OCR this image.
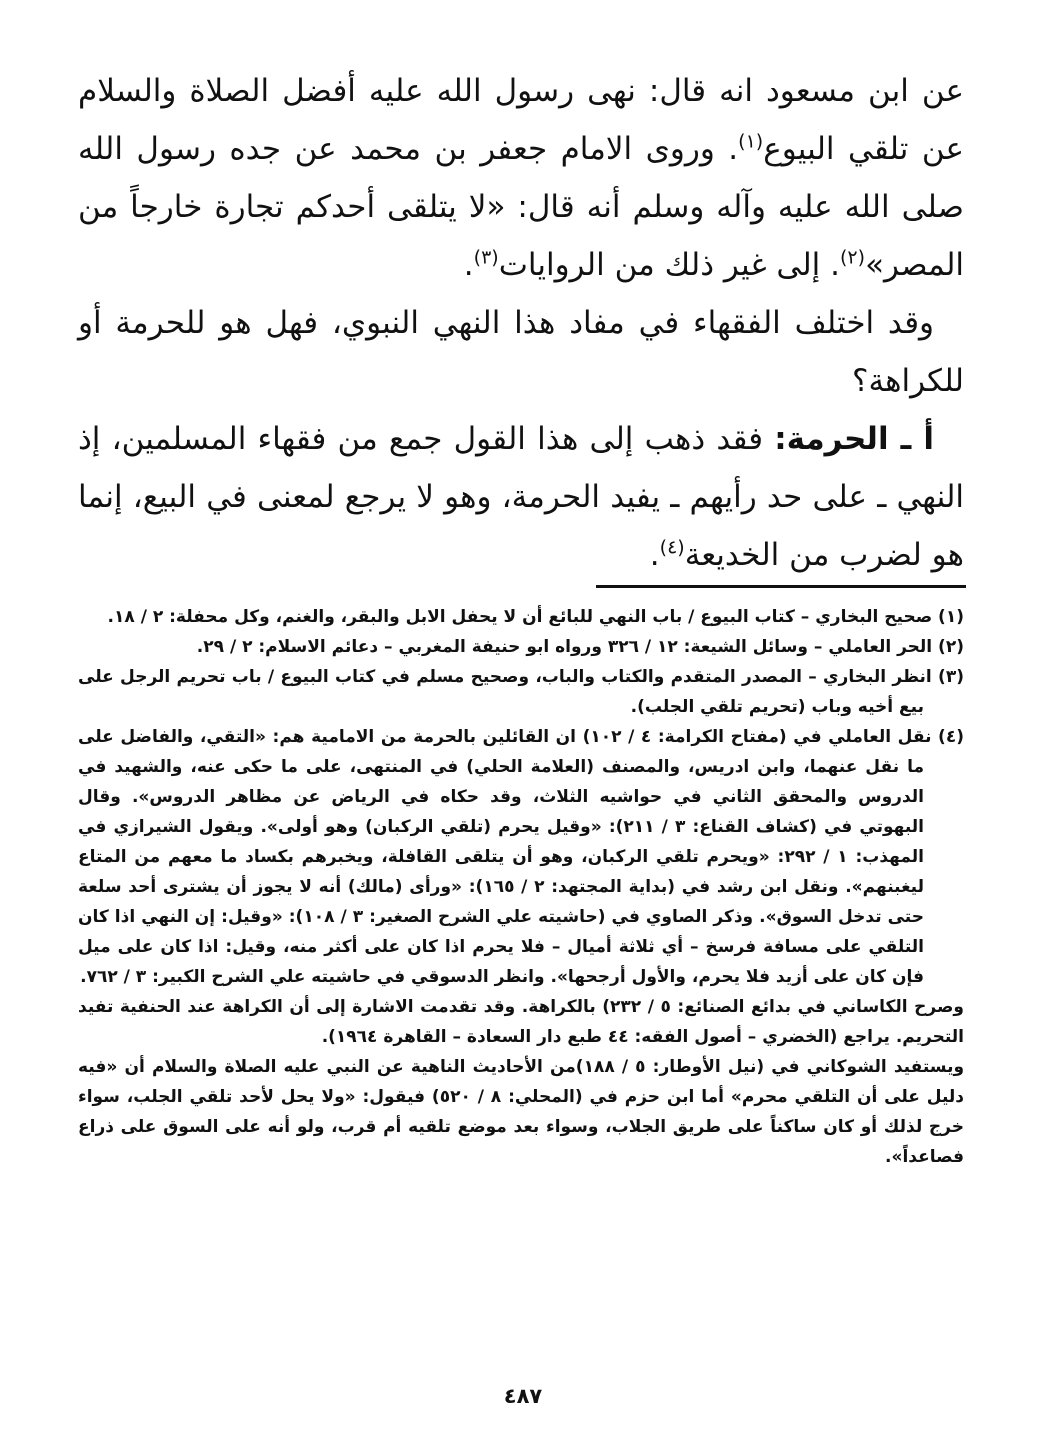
عن ابن مسعود انه قال: نهى رسول الله عليه أفضل الصلاة والسلام عن تلقي البيوع$^{(١)}$. وروى الامام جعفر بن محمد عن جده رسول الله صلى الله عليه وآله وسلم أنه قال: «لا يتلقى أحدكم تجارة خارجاً من المصر»$^{(٢)}$. إلى غير ذلك من الروايات$^{(٣)}$.

وقد اختلف الفقهاء في مفاد هذا النهي النبوي، فهل هو للحرمة أو للكراهة؟

أ ـ الحرمة: فقد ذهب إلى هذا القول جمع من فقهاء المسلمين، إذ النهي ـ على حد رأيهم ـ يفيد الحرمة، وهو لا يرجع لمعنى في البيع، إنما هو لضرب من الخديعة$^{(٤)}$.

(١) صحيح البخاري – كتاب البيوع / باب النهي للبائع أن لا يحفل الابل والبقر، والغنم، وكل محفلة: ٢ / ١٨.

(٢) الحر العاملي – وسائل الشيعة: ١٢ / ٣٢٦ ورواه ابو حنيفة المغربي – دعائم الاسلام: ٢ / ٢٩.

(٣) انظر البخاري – المصدر المتقدم والكتاب والباب، وصحيح مسلم في كتاب البيوع / باب تحريم الرجل على بيع أخيه وباب (تحريم تلقي الجلب).

(٤) نقل العاملي في (مفتاح الكرامة: ٤ / ١٠٢) ان القائلين بالحرمة من الامامية هم: «التقي، والفاضل على ما نقل عنهما، وابن ادريس، والمصنف (العلامة الحلي) في المنتهى، على ما حكى عنه، والشهيد في الدروس والمحقق الثاني في حواشيه الثلاث، وقد حكاه في الرياض عن مظاهر الدروس». وقال البهوتي في (كشاف القناع: ٣ / ٢١١): «وقيل يحرم (تلقي الركبان) وهو أولى». ويقول الشيرازي في المهذب: ١ / ٢٩٢: «ويحرم تلقي الركبان، وهو أن يتلقى القافلة، ويخبرهم بكساد ما معهم من المتاع ليغبنهم». ونقل ابن رشد في (بداية المجتهد: ٢ / ١٦٥): «ورأى (مالك) أنه لا يجوز أن يشترى أحد سلعة حتى تدخل السوق». وذكر الصاوي في (حاشيته علي الشرح الصغير: ٣ / ١٠٨): «وقيل: إن النهي اذا كان التلقي على مسافة فرسخ – أي ثلاثة أميال – فلا يحرم اذا كان على أكثر منه، وقيل: اذا كان على ميل فإن كان على أزيد فلا يحرم، والأول أرجحها». وانظر الدسوقي في حاشيته علي الشرح الكبير: ٣ / ٧٦٢.

وصرح الكاساني في بدائع الصنائع: ٥ / ٢٣٢) بالكراهة. وقد تقدمت الاشارة إلى أن الكراهة عند الحنفية تفيد التحريم. يراجع (الخضري – أصول الفقه: ٤٤ طبع دار السعادة – القاهرة ١٩٦٤).

ويستفيد الشوكاني في (نيل الأوطار: ٥ / ١٨٨)من الأحاديث الناهية عن النبي عليه الصلاة والسلام أن «فيه دليل على أن التلقي محرم» أما ابن حزم في (المحلي: ٨ / ٥٢٠) فيقول: «ولا يحل لأحد تلقي الجلب، سواء خرج لذلك أو كان ساكناً على طريق الجلاب، وسواء بعد موضع تلقيه أم قرب، ولو أنه على السوق على ذراع فصاعداً».

٤٨٧
